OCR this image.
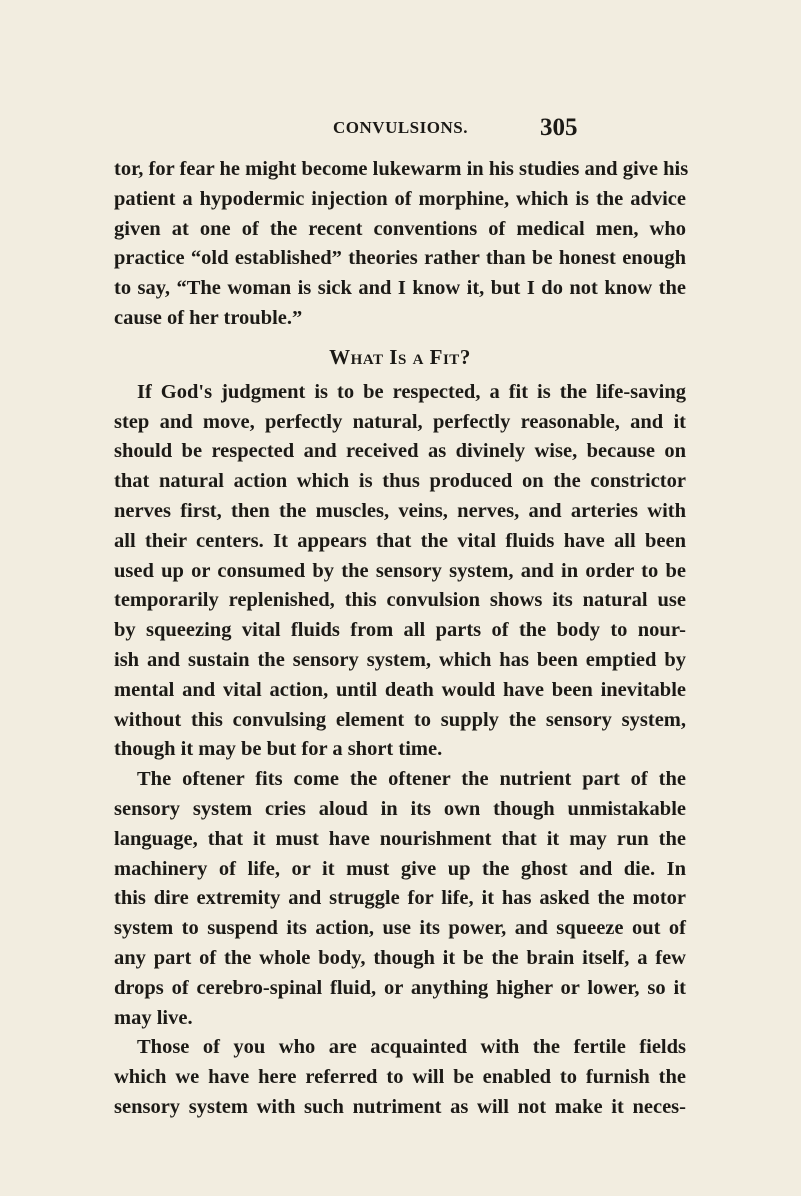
CONVULSIONS.	305
tor, for fear he might become lukewarm in his studies and give his
patient a hypodermic injection of morphine, which is the advice
given at one of the recent conventions of medical men, who
practice “old established” theories rather than be honest enough
to say, “The woman is sick and I know it, but I do not know the
cause of her trouble.”
What Is a Fit?
If God's judgment is to be respected, a fit is the life-saving
step and move, perfectly natural, perfectly reasonable, and it
should be respected and received as divinely wise, because on
that natural action which is thus produced on the constrictor
nerves first, then the muscles, veins, nerves, and arteries with
all their centers. It appears that the vital fluids have all been
used up or consumed by the sensory system, and in order to be
temporarily replenished, this convulsion shows its natural use
by squeezing vital fluids from all parts of the body to nour-
ish and sustain the sensory system, which has been emptied by
mental and vital action, until death would have been inevitable
without this convulsing element to supply the sensory system,
though it may be but for a short time.
The oftener fits come the oftener the nutrient part of the
sensory system cries aloud in its own though unmistakable
language, that it must have nourishment that it may run the
machinery of life, or it must give up the ghost and die. In
this dire extremity and struggle for life, it has asked the motor
system to suspend its action, use its power, and squeeze out of
any part of the whole body, though it be the brain itself, a few
drops of cerebro-spinal fluid, or anything higher or lower, so it
may live.
Those of you who are acquainted with the fertile fields
which we have here referred to will be enabled to furnish the
sensory system with such nutriment as will not make it neces-
